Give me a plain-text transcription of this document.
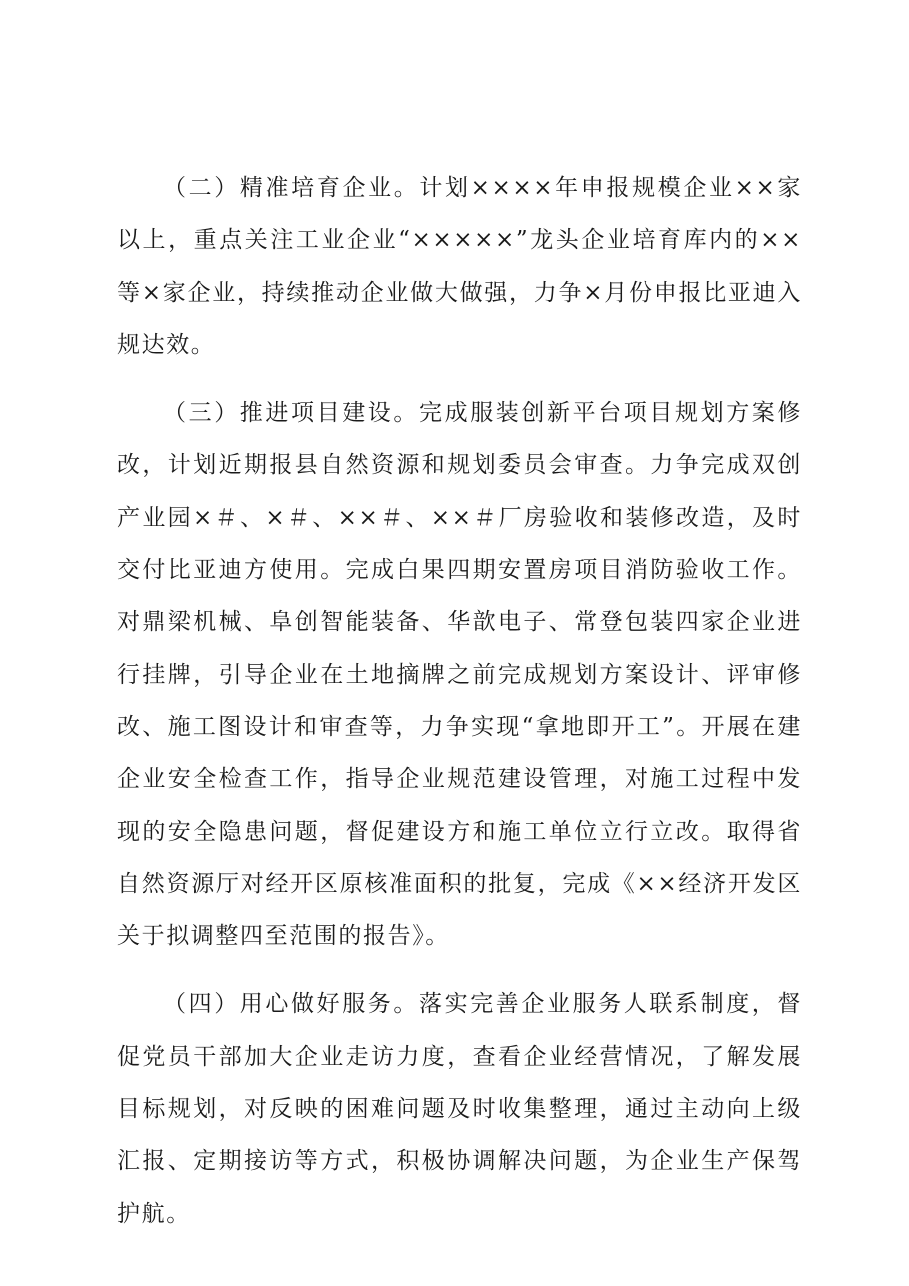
（二）精准培育企业。计划××××年申报规模企业××家以上，重点关注工业企业“×××××”龙头企业培育库内的××等×家企业，持续推动企业做大做强，力争×月份申报比亚迪入规达效。

（三）推进项目建设。完成服装创新平台项目规划方案修改，计划近期报县自然资源和规划委员会审查。力争完成双创产业园×＃、×＃、××＃、××＃厂房验收和装修改造，及时交付比亚迪方使用。完成白果四期安置房项目消防验收工作。对鼎梁机械、阜创智能装备、华歆电子、常登包装四家企业进行挂牌，引导企业在土地摘牌之前完成规划方案设计、评审修改、施工图设计和审查等，力争实现“拿地即开工”。开展在建企业安全检查工作，指导企业规范建设管理，对施工过程中发现的安全隐患问题，督促建设方和施工单位立行立改。取得省自然资源厅对经开区原核准面积的批复，完成《××经济开发区关于拟调整四至范围的报告》。

（四）用心做好服务。落实完善企业服务人联系制度，督促党员干部加大企业走访力度，查看企业经营情况，了解发展目标规划，对反映的困难问题及时收集整理，通过主动向上级汇报、定期接访等方式，积极协调解决问题，为企业生产保驾护航。
